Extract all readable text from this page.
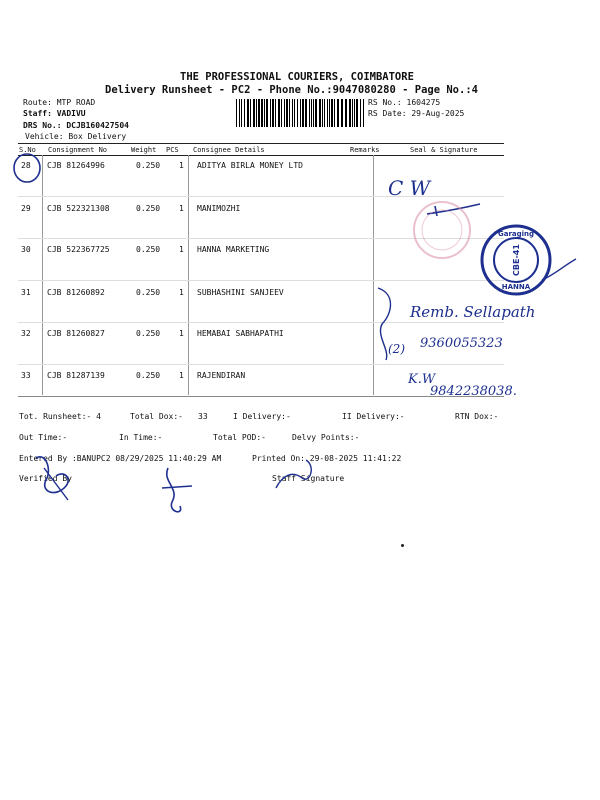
THE PROFESSIONAL COURIERS, COIMBATORE
Delivery Runsheet - PC2 - Phone No.:9047080280 - Page No.:4
Route: MTP ROAD
Staff: VADIVU
DRS No.: DCJB160427504
Vehicle: Box Delivery
RS No.: 1604275
RS Date: 29-Aug-2025
S.No Consignment No	Weight PCS Consignee Details	Remarks	Seal & Signature
28 CJB 81264996	0.250 1 ADITYA BIRLA MONEY LTD
29 CJB 522321308	0.250 1 MANIMOZHI
30 CJB 522367725	0.250 1 HANNA MARKETING
31 CJB 81260892	0.250 1 SUBHASHINI SANJEEV
32 CJB 81260827	0.250 1 HEMABAI SABHAPATHI
33 CJB 81287139	0.250 1 RAJENDIRAN
Tot. Runsheet:- 4	Total Dox:- 33	I Delivery:-	II Delivery:-	RTN Dox:-
Out Time:-	In Time:-	Total POD:-	Delvy Points:-
Entered By :BANUPC2 08/29/2025 11:40:29 AM	Printed On: 29-08-2025 11:41:22
Verified By	Staff Signature
C W
Garaging
CBE-41
HANNA
(2)
Remb. Sellapath
9360055323
K.W
9842238038.
